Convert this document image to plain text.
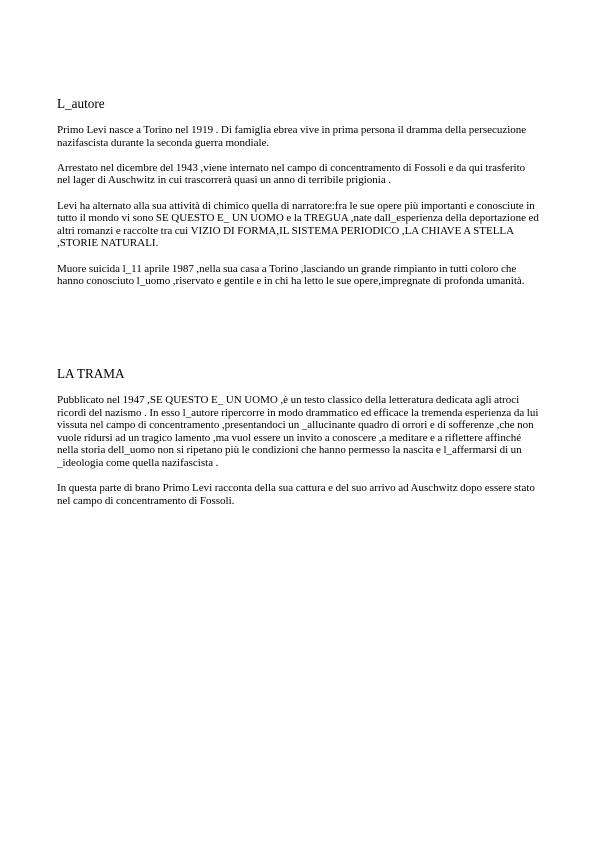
L_autore

Primo Levi nasce a Torino nel 1919 . Di famiglia ebrea vive in prima persona il dramma della persecuzione nazifascista durante la seconda guerra mondiale.

Arrestato nel dicembre del 1943 ,viene internato nel campo di concentramento di Fossoli e da qui trasferito nel lager di Auschwitz in cui trascorrerà quasi un anno di terribile prigionia .

Levi ha alternato alla sua attività di chimico quella di narratore:fra le sue opere più importanti e conosciute in tutto il mondo vi sono SE QUESTO E_ UN UOMO e la TREGUA ,nate dall_esperienza della deportazione ed altri romanzi e raccolte tra cui VIZIO DI FORMA,IL SISTEMA PERIODICO ,LA CHIAVE A STELLA ,STORIE NATURALI.

Muore suicida l_11 aprile 1987 ,nella sua casa a Torino ,lasciando un grande rimpianto in tutti coloro che hanno conosciuto l_uomo ,riservato e gentile e in chi ha letto le sue opere,impregnate di profonda umanità.

LA TRAMA

Pubblicato nel 1947 ,SE QUESTO E_ UN UOMO ,è un testo classico della letteratura dedicata agli atroci ricordi del nazismo . In esso l_autore ripercorre in modo drammatico ed efficace la tremenda esperienza da lui vissuta nel campo di concentramento ,presentandoci un _allucinante quadro di orrori e di sofferenze ,che non vuole ridursi ad un tragico lamento ,ma vuol essere un invito a conoscere ,a meditare e a riflettere affinché nella storia dell_uomo non si ripetano più le condizioni che hanno permesso la nascita e l_affermarsi di un _ideologia come quella nazifascista .

In questa parte di brano Primo Levi racconta della sua cattura e del suo arrivo ad Auschwitz dopo essere stato nel campo di concentramento di Fossoli.
